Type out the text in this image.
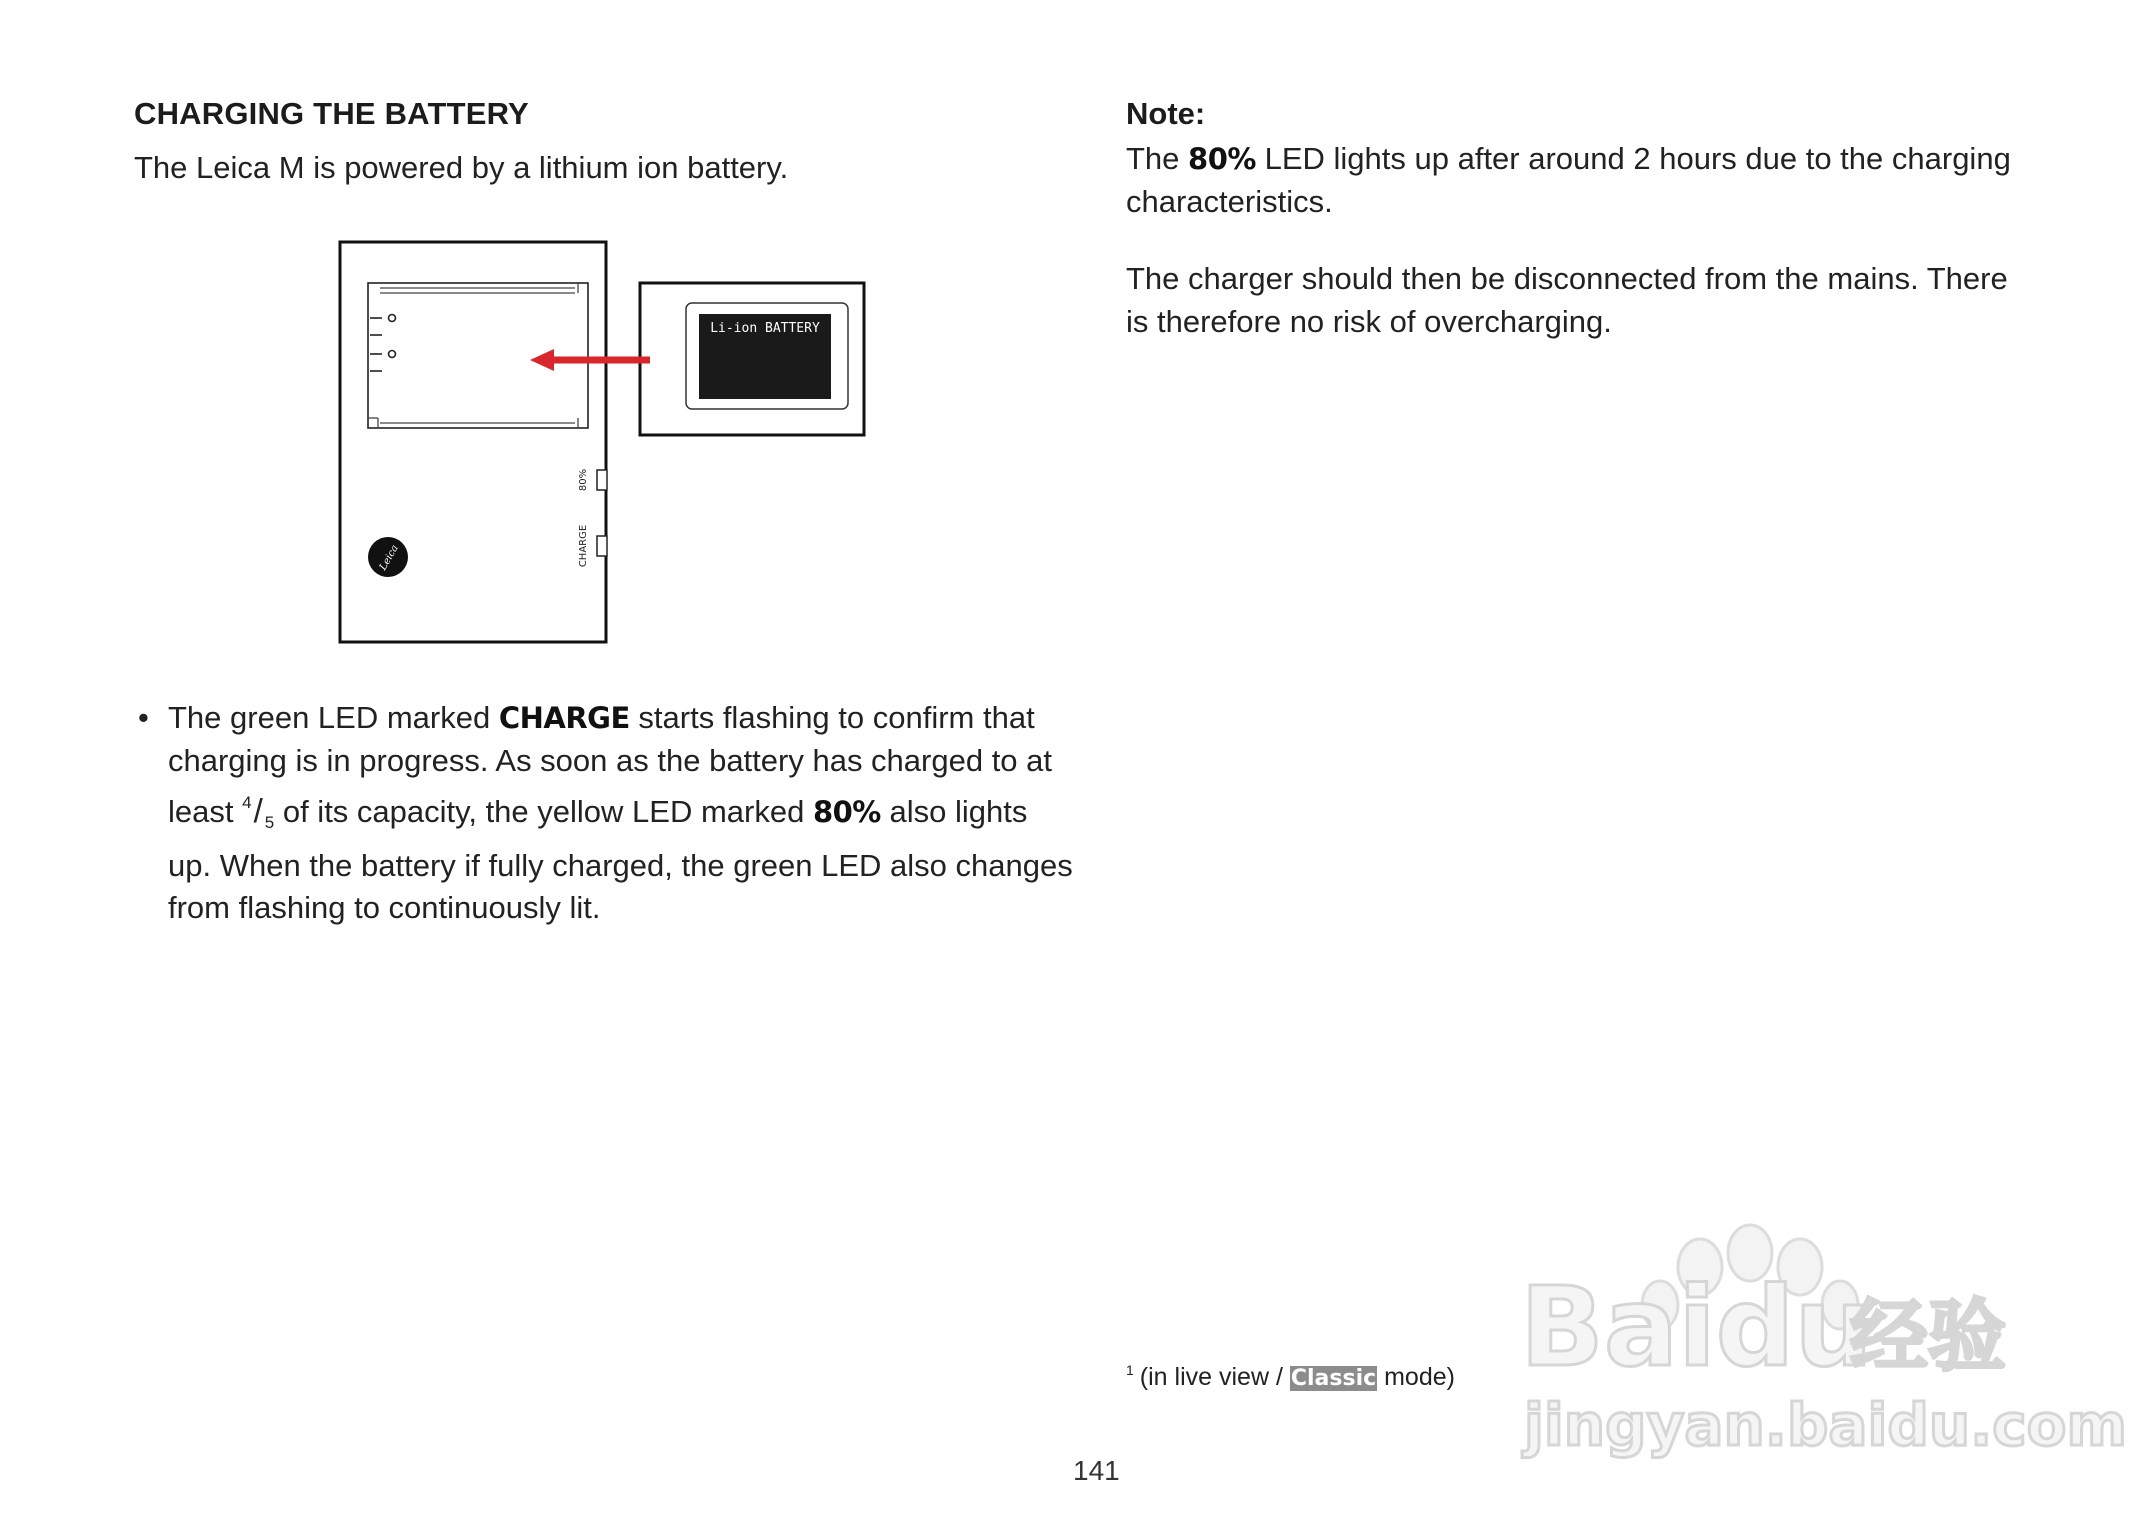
CHARGING THE BATTERY
The Leica M is powered by a lithium ion battery.
80%
CHARGE
Leica
Li-ion BATTERY
• The green LED marked CHARGE starts flashing to confirm that charging is in progress. As soon as the battery has charged to at least $^4$/ 5 of its capacity, the yellow LED marked 80% also lights up. When the battery if fully charged, the green LED also changes from flashing to continuously lit.
Note:

The 80% LED lights up after around 2 hours due to the charging characteristics.

The charger should then be disconnected from the mains. There is therefore no risk of overcharging.

$^1$ (in live view / Classic mode)
141
Baidu
经验
jingyan.baidu.com
